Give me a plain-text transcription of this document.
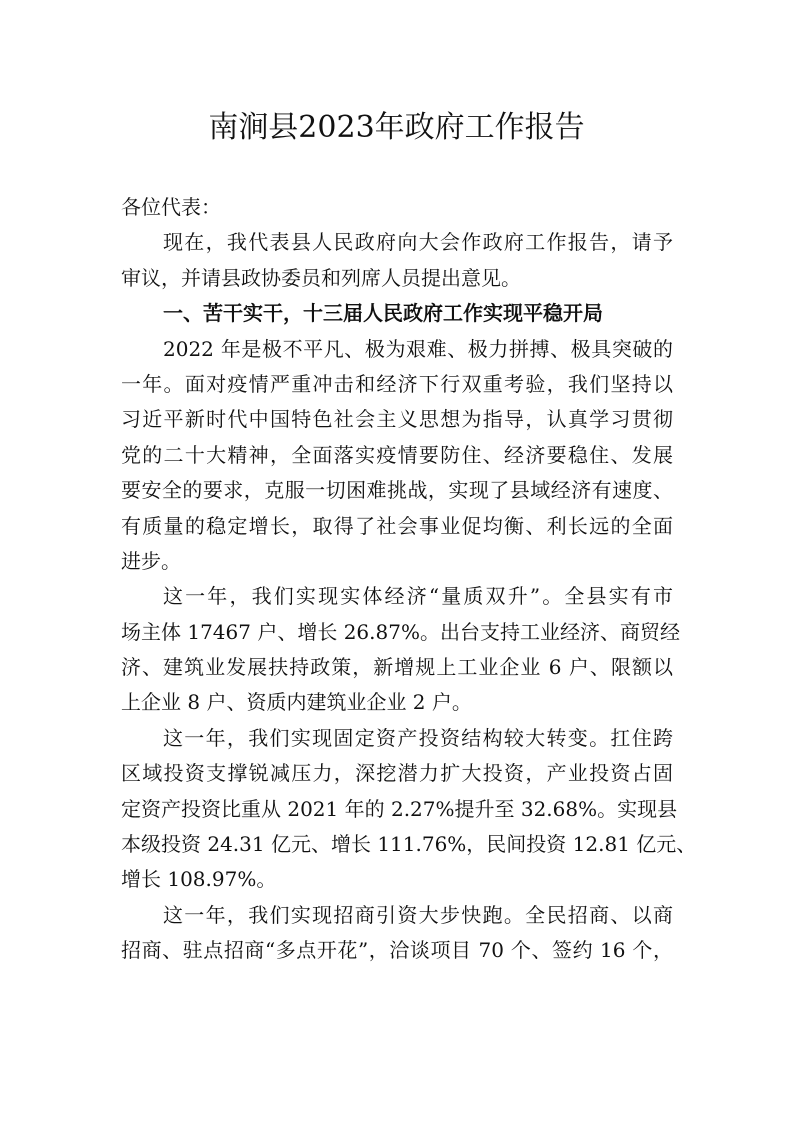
南涧县2023年政府工作报告
各位代表：
现在，我代表县人民政府向大会作政府工作报告，请予
审议，并请县政协委员和列席人员提出意见。
一、苦干实干，十三届人民政府工作实现平稳开局
2022 年是极不平凡、极为艰难、极力拼搏、极具突破的
一年。面对疫情严重冲击和经济下行双重考验，我们坚持以
习近平新时代中国特色社会主义思想为指导，认真学习贯彻
党的二十大精神，全面落实疫情要防住、经济要稳住、发展
要安全的要求，克服一切困难挑战，实现了县域经济有速度、
有质量的稳定增长，取得了社会事业促均衡、利长远的全面
进步。
这一年，我们实现实体经济“量质双升”。全县实有市
场主体 17467 户、增长 26.87%。出台支持工业经济、商贸经
济、建筑业发展扶持政策，新增规上工业企业 6 户、限额以
上企业 8 户、资质内建筑业企业 2 户。
这一年，我们实现固定资产投资结构较大转变。扛住跨
区域投资支撑锐减压力，深挖潜力扩大投资，产业投资占固
定资产投资比重从 2021 年的 2.27%提升至 32.68%。实现县
本级投资 24.31 亿元、增长 111.76%，民间投资 12.81 亿元、
增长 108.97%。
这一年，我们实现招商引资大步快跑。全民招商、以商
招商、驻点招商“多点开花”，洽谈项目 70 个、签约 16 个，
